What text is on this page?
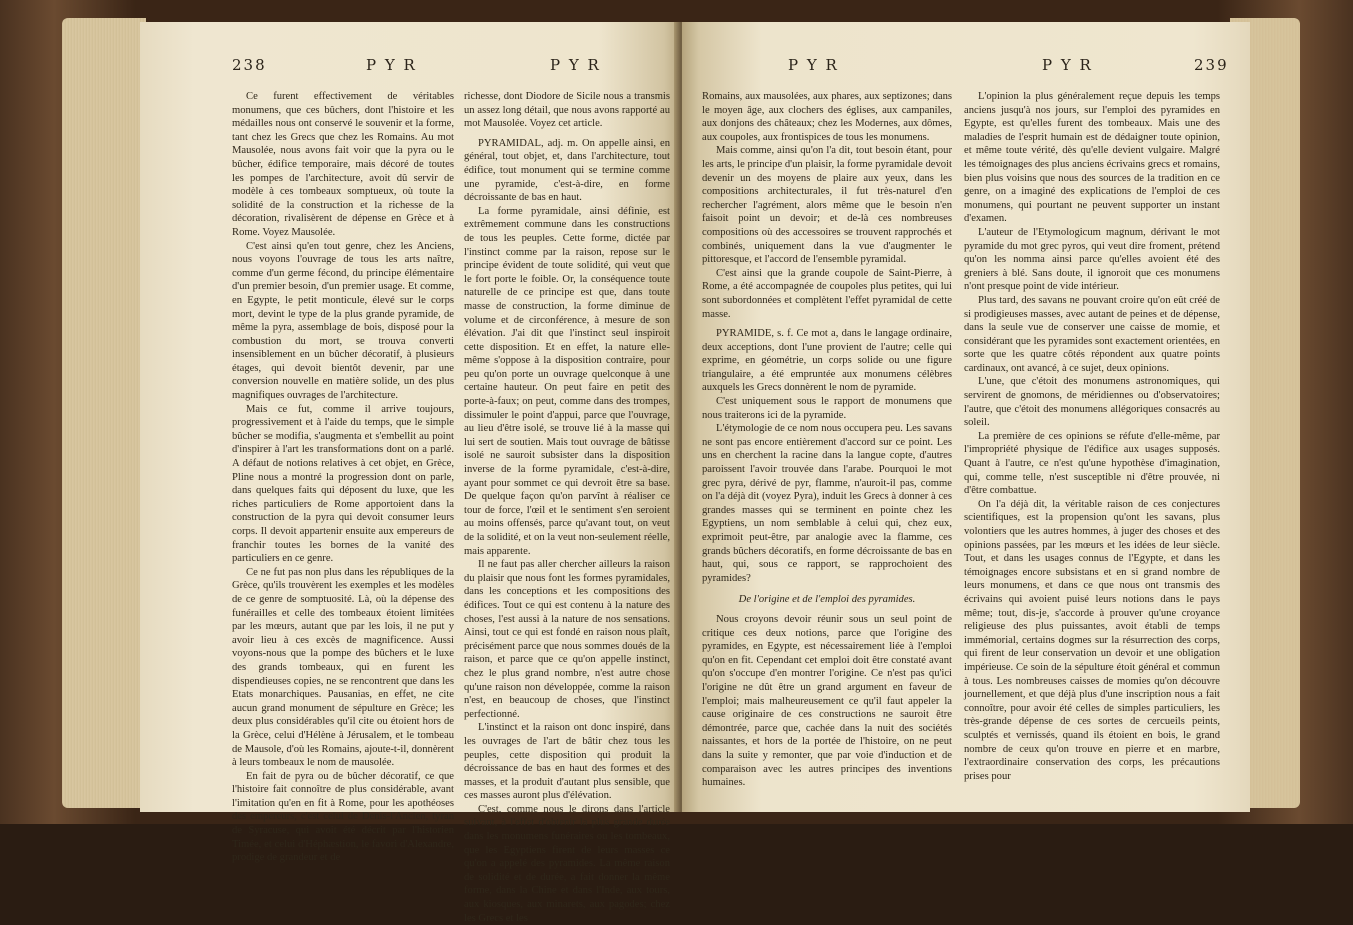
238	P Y R	P Y R

Ce furent effectivement de véritables monumens, que ces bûchers, dont l'histoire et les médailles nous ont conservé le souvenir et la forme, tant chez les Grecs que chez les Romains. Au mot Mausolée, nous avons fait voir que la pyra ou le bûcher, édifice temporaire, mais décoré de toutes les pompes de l'architecture, avoit dû servir de modèle à ces tombeaux somptueux, où toute la solidité de la construction et la richesse de la décoration, rivalisèrent de dépense en Grèce et à Rome. Voyez Mausolée.

C'est ainsi qu'en tout genre, chez les Anciens, nous voyons l'ouvrage de tous les arts naître, comme d'un germe fécond, du principe élémentaire d'un premier besoin, d'un premier usage. Et comme, en Egypte, le petit monticule, élevé sur le corps mort, devint le type de la plus grande pyramide, de même la pyra, assemblage de bois, disposé pour la combustion du mort, se trouva converti insensiblement en un bûcher décoratif, à plusieurs étages, qui devoit bientôt devenir, par une conversion nouvelle en matière solide, un des plus magnifiques ouvrages de l'architecture.

Mais ce fut, comme il arrive toujours, progressivement et à l'aide du temps, que le simple bûcher se modifia, s'augmenta et s'embellit au point d'inspirer à l'art les transformations dont on a parlé. A défaut de notions relatives à cet objet, en Grèce, Pline nous a montré la progression dont on parle, dans quelques faits qui déposent du luxe, que les riches particuliers de Rome apportoient dans la construction de la pyra qui devoit consumer leurs corps. Il devoit appartenir ensuite aux empereurs de franchir toutes les bornes de la vanité des particuliers en ce genre.

Ce ne fut pas non plus dans les républiques de la Grèce, qu'ils trouvèrent les exemples et les modèles de ce genre de somptuosité. Là, où la dépense des funérailles et celle des tombeaux étoient limitées par les mœurs, autant que par les lois, il ne put y avoir lieu à ces excès de magnificence. Aussi voyons-nous que la pompe des bûchers et le luxe des grands tombeaux, qui en furent les dispendieuses copies, ne se rencontrent que dans les Etats monarchiques. Pausanias, en effet, ne cite aucun grand monument de sépulture en Grèce; les deux plus considérables qu'il cite ou étoient hors de la Grèce, celui d'Hélène à Jérusalem, et le tombeau de Mausole, d'où les Romains, ajoute-t-il, donnèrent à leurs tombeaux le nom de mausolée.

En fait de pyra ou de bûcher décoratif, ce que l'histoire fait connoître de plus considérable, avant l'imitation qu'en en fit à Rome, pour les apothéoses des empereurs, c'est celui de Denis-l'Ancien, tyran de Syracuse, qui avoit été décrit par l'historien Timée, et celui d'Héphæstion, le favori d'Alexandre, prodige de grandeur et de

richesse, dont Diodore de Sicile nous a transmis un assez long détail, que nous avons rapporté au mot Mausolée. Voyez cet article.

PYRAMIDAL, adj. m. On appelle ainsi, en général, tout objet, et, dans l'architecture, tout édifice, tout monument qui se termine comme une pyramide, c'est-à-dire, en forme décroissante de bas en haut.

La forme pyramidale, ainsi définie, est extrêmement commune dans les constructions de tous les peuples. Cette forme, dictée par l'instinct comme par la raison, repose sur le principe évident de toute solidité, qui veut que le fort porte le foible. Or, la conséquence toute naturelle de ce principe est que, dans toute masse de construction, la forme diminue de volume et de circonférence, à mesure de son élévation. J'ai dit que l'instinct seul inspiroit cette disposition. Et en effet, la nature elle-même s'oppose à la disposition contraire, pour peu qu'on porte un ouvrage quelconque à une certaine hauteur. On peut faire en petit des porte-à-faux; on peut, comme dans des trompes, dissimuler le point d'appui, parce que l'ouvrage, au lieu d'être isolé, se trouve lié à la masse qui lui sert de soutien. Mais tout ouvrage de bâtisse isolé ne sauroit subsister dans la disposition inverse de la forme pyramidale, c'est-à-dire, ayant pour sommet ce qui devroit être sa base. De quelque façon qu'on parvînt à réaliser ce tour de force, l'œil et le sentiment s'en seroient au moins offensés, parce qu'avant tout, on veut de la solidité, et on la veut non-seulement réelle, mais apparente.

Il ne faut pas aller chercher ailleurs la raison du plaisir que nous font les formes pyramidales, dans les conceptions et les compositions des édifices. Tout ce qui est contenu à la nature des choses, l'est aussi à la nature de nos sensations. Ainsi, tout ce qui est fondé en raison nous plaît, précisément parce que nous sommes doués de la raison, et parce que ce qu'on appelle instinct, chez le plus grand nombre, n'est autre chose qu'une raison non développée, comme la raison n'est, en beaucoup de choses, que l'instinct perfectionné.

L'instinct et la raison ont donc inspiré, dans les ouvrages de l'art de bâtir chez tous les peuples, cette disposition qui produit la décroissance de bas en haut des formes et des masses, et la produit d'autant plus sensible, que ces masses auront plus d'élévation.

C'est, comme nous le dirons dans l'article suivant, à l'effet d'obtenir la plus grande durée dans les monumens funéraires ou les tombeaux, que les Egyptiens firent de leurs masses ce qu'on a appelé des pyramides. La même raison de solidité et de durée, a fait donner la même forme, dans la Chine et dans l'Inde, aux tours, aux kiosques, aux minarets, aux pagodes; chez les Grecs et les

P Y R	P Y R	239

Romains, aux mausolées, aux phares, aux septizones; dans le moyen âge, aux clochers des églises, aux campaniles, aux donjons des châteaux; chez les Modernes, aux dômes, aux coupoles, aux frontispices de tous les monumens.

Mais comme, ainsi qu'on l'a dit, tout besoin étant, pour les arts, le principe d'un plaisir, la forme pyramidale devoit devenir un des moyens de plaire aux yeux, dans les compositions architecturales, il fut très-naturel d'en rechercher l'agrément, alors même que le besoin n'en faisoit point un devoir; et de-là ces nombreuses compositions où des accessoires se trouvent rapprochés et combinés, uniquement dans la vue d'augmenter le pittoresque, et l'accord de l'ensemble pyramidal.

C'est ainsi que la grande coupole de Saint-Pierre, à Rome, a été accompagnée de coupoles plus petites, qui lui sont subordonnées et complètent l'effet pyramidal de cette masse.

PYRAMIDE, s. f. Ce mot a, dans le langage ordinaire, deux acceptions, dont l'une provient de l'autre; celle qui exprime, en géométrie, un corps solide ou une figure triangulaire, a été empruntée aux monumens célèbres auxquels les Grecs donnèrent le nom de pyramide.

C'est uniquement sous le rapport de monumens que nous traiterons ici de la pyramide.

L'étymologie de ce nom nous occupera peu. Les savans ne sont pas encore entièrement d'accord sur ce point. Les uns en cherchent la racine dans la langue copte, d'autres paroissent l'avoir trouvée dans l'arabe. Pourquoi le mot grec pyra, dérivé de pyr, flamme, n'auroit-il pas, comme on l'a déjà dit (voyez Pyra), induit les Grecs à donner à ces grandes masses qui se terminent en pointe chez les Egyptiens, un nom semblable à celui qui, chez eux, exprimoit peut-être, par analogie avec la flamme, ces grands bûchers décoratifs, en forme décroissante de bas en haut, qui, sous ce rapport, se rapprochoient des pyramides?

De l'origine et de l'emploi des pyramides.

Nous croyons devoir réunir sous un seul point de critique ces deux notions, parce que l'origine des pyramides, en Egypte, est nécessairement liée à l'emploi qu'on en fit. Cependant cet emploi doit être constaté avant qu'on s'occupe d'en montrer l'origine. Ce n'est pas qu'ici l'origine ne dût être un grand argument en faveur de l'emploi; mais malheureusement ce qu'il faut appeler la cause originaire de ces constructions ne sauroit être démontrée, parce que, cachée dans la nuit des sociétés naissantes, et hors de la portée de l'histoire, on ne peut dans la suite y remonter, que par voie d'induction et de comparaison avec les autres principes des inventions humaines.

L'opinion la plus généralement reçue depuis les temps anciens jusqu'à nos jours, sur l'emploi des pyramides en Egypte, est qu'elles furent des tombeaux. Mais une des maladies de l'esprit humain est de dédaigner toute opinion, et même toute vérité, dès qu'elle devient vulgaire. Malgré les témoignages des plus anciens écrivains grecs et romains, bien plus voisins que nous des sources de la tradition en ce genre, on a imaginé des explications de l'emploi de ces monumens, qui pourtant ne peuvent supporter un instant d'examen.

L'auteur de l'Etymologicum magnum, dérivant le mot pyramide du mot grec pyros, qui veut dire froment, prétend qu'on les nomma ainsi parce qu'elles avoient été des greniers à blé. Sans doute, il ignoroit que ces monumens n'ont presque point de vide intérieur.

Plus tard, des savans ne pouvant croire qu'on eût créé de si prodigieuses masses, avec autant de peines et de dépense, dans la seule vue de conserver une caisse de momie, et considérant que les pyramides sont exactement orientées, en sorte que les quatre côtés répondent aux quatre points cardinaux, ont avancé, à ce sujet, deux opinions.

L'une, que c'étoit des monumens astronomiques, qui servirent de gnomons, de méridiennes ou d'observatoires; l'autre, que c'étoit des monumens allégoriques consacrés au soleil.

La première de ces opinions se réfute d'elle-même, par l'impropriété physique de l'édifice aux usages supposés. Quant à l'autre, ce n'est qu'une hypothèse d'imagination, qui, comme telle, n'est susceptible ni d'être prouvée, ni d'être combattue.

On l'a déjà dit, la véritable raison de ces conjectures scientifiques, est la propension qu'ont les savans, plus volontiers que les autres hommes, à juger des choses et des opinions passées, par les mœurs et les idées de leur siècle. Tout, et dans les usages connus de l'Egypte, et dans les témoignages encore subsistans et en si grand nombre de leurs monumens, et dans ce que nous ont transmis des écrivains qui avoient puisé leurs notions dans le pays même; tout, dis-je, s'accorde à prouver qu'une croyance religieuse des plus puissantes, avoit établi de temps immémorial, certains dogmes sur la résurrection des corps, qui firent de leur conservation un devoir et une obligation impérieuse. Ce soin de la sépulture étoit général et commun à tous. Les nombreuses caisses de momies qu'on découvre journellement, et que déjà plus d'une inscription nous a fait connoître, pour avoir été celles de simples particuliers, les très-grande dépense de ces sortes de cercueils peints, sculptés et vernissés, quand ils étoient en bois, le grand nombre de ceux qu'on trouve en pierre et en marbre, l'extraordinaire conservation des corps, les précautions prises pour
